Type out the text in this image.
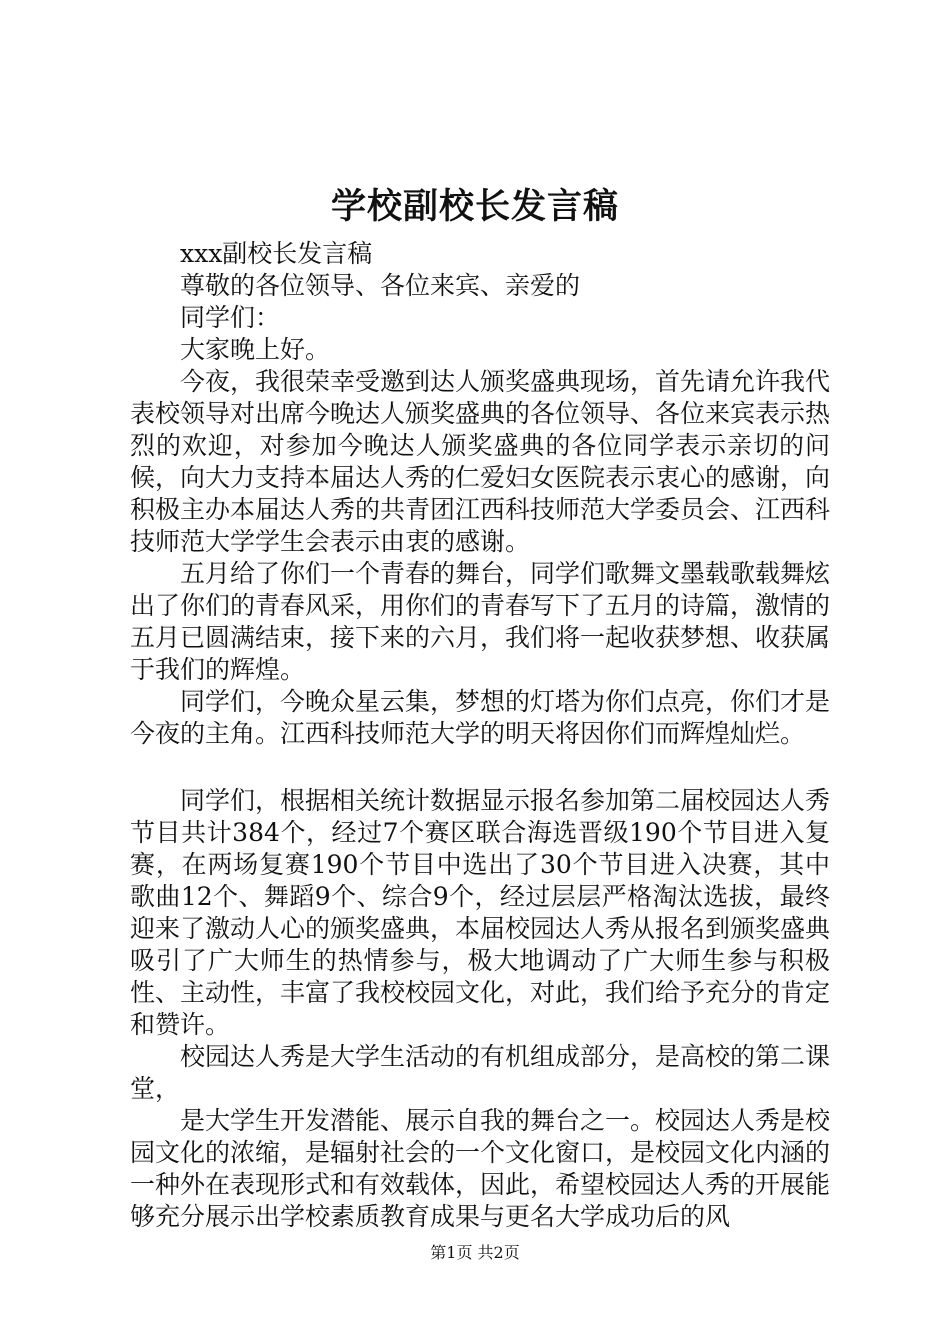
学校副校长发言稿

xxx副校长发言稿

尊敬的各位领导、各位来宾、亲爱的

同学们：

大家晚上好。

今夜，我很荣幸受邀到达人颁奖盛典现场，首先请允许我代表校领导对出席今晚达人颁奖盛典的各位领导、各位来宾表示热烈的欢迎，对参加今晚达人颁奖盛典的各位同学表示亲切的问候，向大力支持本届达人秀的仁爱妇女医院表示衷心的感谢，向积极主办本届达人秀的共青团江西科技师范大学委员会、江西科技师范大学学生会表示由衷的感谢。

五月给了你们一个青春的舞台，同学们歌舞文墨载歌载舞炫出了你们的青春风采，用你们的青春写下了五月的诗篇，激情的五月已圆满结束，接下来的六月，我们将一起收获梦想、收获属于我们的辉煌。

同学们，今晚众星云集，梦想的灯塔为你们点亮，你们才是今夜的主角。江西科技师范大学的明天将因你们而辉煌灿烂。

同学们，根据相关统计数据显示报名参加第二届校园达人秀节目共计384个，经过7个赛区联合海选晋级190个节目进入复赛，在两场复赛190个节目中选出了30个节目进入决赛，其中歌曲12个、舞蹈9个、综合9个，经过层层严格淘汰选拔，最终迎来了激动人心的颁奖盛典，本届校园达人秀从报名到颁奖盛典吸引了广大师生的热情参与，极大地调动了广大师生参与积极性、主动性，丰富了我校校园文化，对此，我们给予充分的肯定和赞许。

校园达人秀是大学生活动的有机组成部分，是高校的第二课堂，

是大学生开发潜能、展示自我的舞台之一。校园达人秀是校园文化的浓缩，是辐射社会的一个文化窗口，是校园文化内涵的一种外在表现形式和有效载体，因此，希望校园达人秀的开展能够充分展示出学校素质教育成果与更名大学成功后的风

第1页 共2页
